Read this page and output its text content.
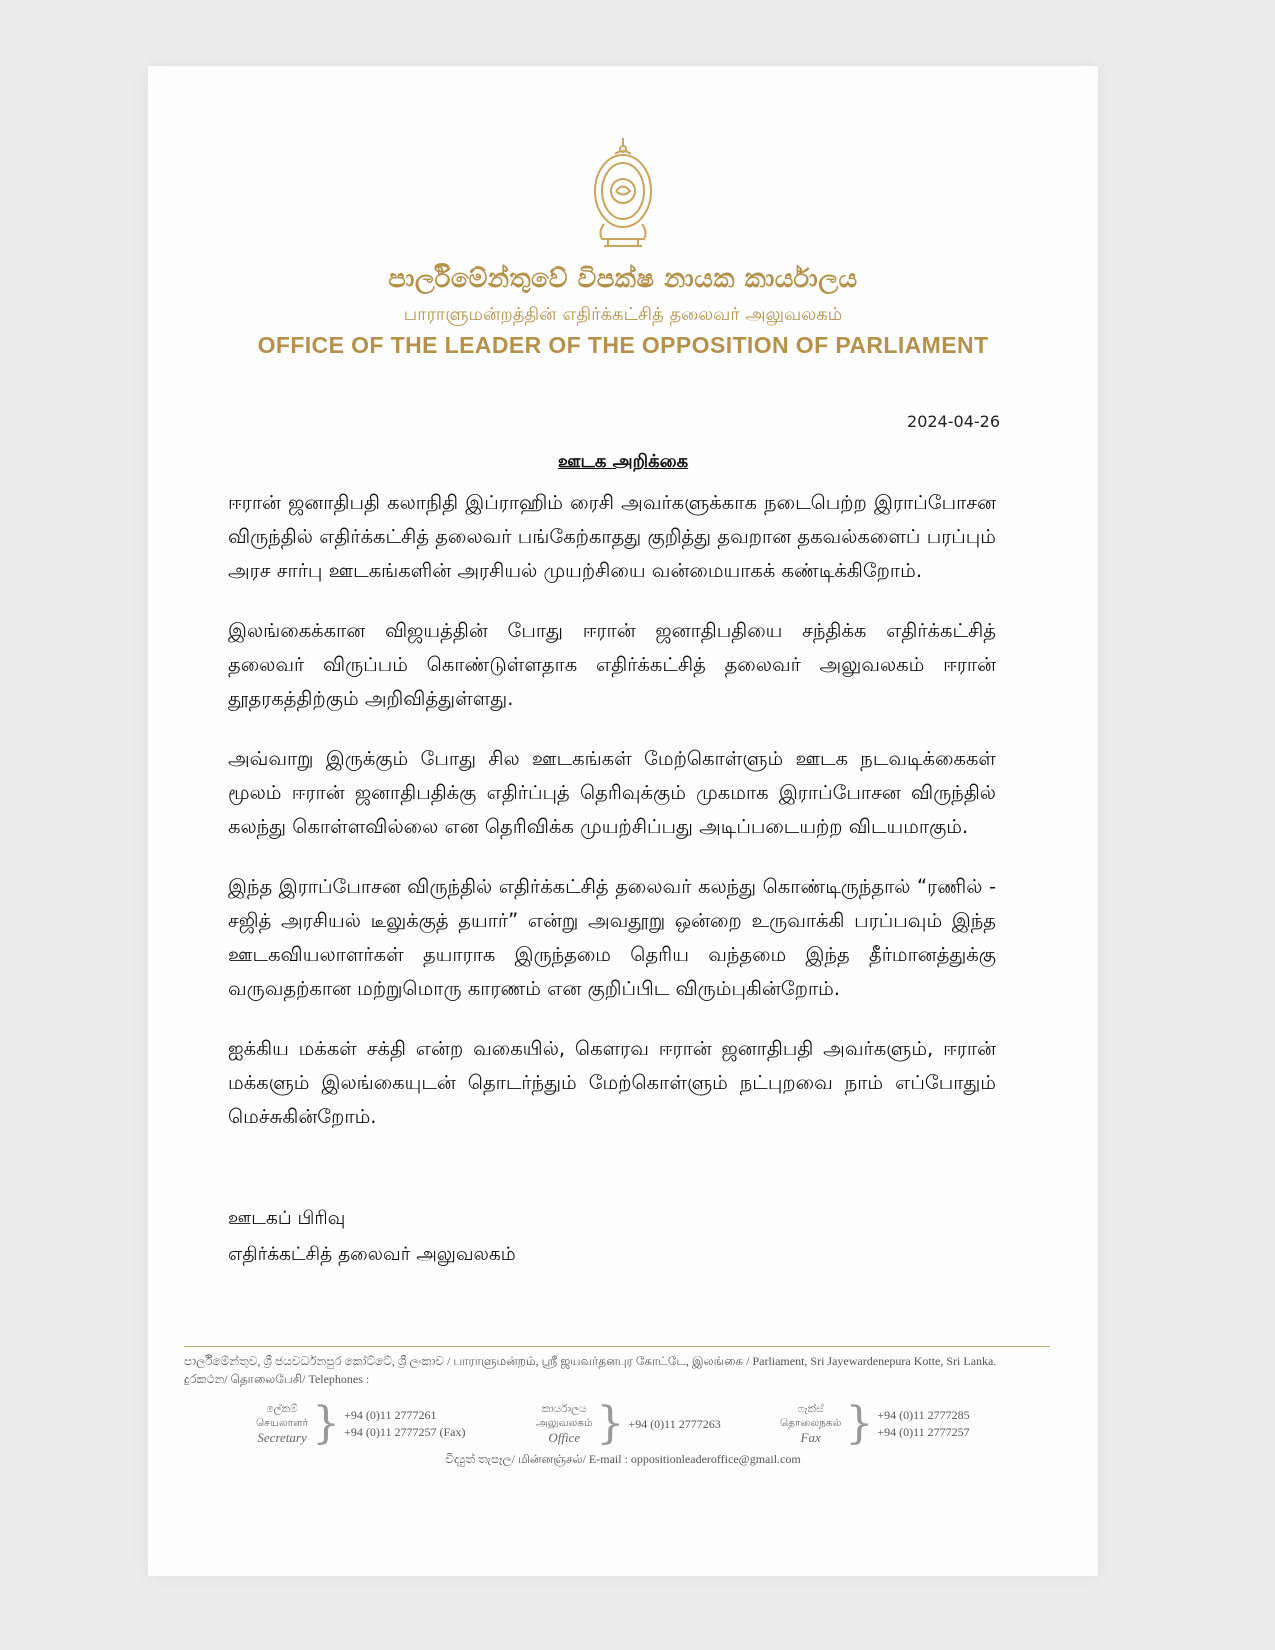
පාර්ලිමේන්තුවේ විපක්ෂ නායක කාර්යාලය
பாராளுமன்றத்தின் எதிர்க்கட்சித் தலைவர் அலுவலகம்
OFFICE OF THE LEADER OF THE OPPOSITION OF PARLIAMENT
2024-04-26
ஊடக அறிக்கை

ஈரான் ஜனாதிபதி கலாநிதி இப்ராஹிம் ரைசி அவர்களுக்காக நடைபெற்ற இராப்போசன விருந்தில் எதிர்க்கட்சித் தலைவர் பங்கேற்காதது குறித்து தவறான தகவல்களைப் பரப்பும் அரச சார்பு ஊடகங்களின் அரசியல் முயற்சியை வன்மையாகக் கண்டிக்கிறோம்.

இலங்கைக்கான விஜயத்தின் போது ஈரான் ஜனாதிபதியை சந்திக்க எதிர்க்கட்சித் தலைவர் விருப்பம் கொண்டுள்ளதாக எதிர்க்கட்சித் தலைவர் அலுவலகம் ஈரான் தூதரகத்திற்கும் அறிவித்துள்ளது.

அவ்வாறு இருக்கும் போது சில ஊடகங்கள் மேற்கொள்ளும் ஊடக நடவடிக்கைகள் மூலம் ஈரான் ஜனாதிபதிக்கு எதிர்ப்புத் தெரிவுக்கும் முகமாக இராப்போசன விருந்தில் கலந்து கொள்ளவில்லை என தெரிவிக்க முயற்சிப்பது அடிப்படையற்ற விடயமாகும்.

இந்த இராப்போசன விருந்தில் எதிர்க்கட்சித் தலைவர் கலந்து கொண்டிருந்தால் “ரணில் - சஜித் அரசியல் டீலுக்குத் தயார்” என்று அவதூறு ஒன்றை உருவாக்கி பரப்பவும் இந்த ஊடகவியலாளர்கள் தயாராக இருந்தமை தெரிய வந்தமை இந்த தீர்மானத்துக்கு வருவதற்கான மற்றுமொரு காரணம் என குறிப்பிட விரும்புகின்றோம்.

ஐக்கிய மக்கள் சக்தி என்ற வகையில், கௌரவ ஈரான் ஜனாதிபதி அவர்களும், ஈரான் மக்களும் இலங்கையுடன் தொடர்ந்தும் மேற்கொள்ளும் நட்புறவை நாம் எப்போதும் மெச்சுகின்றோம்.

ஊடகப் பிரிவு
எதிர்க்கட்சித் தலைவர் அலுவலகம்
පාර්ලිමේන්තුව, ශ්‍රී ජයවර්ධනපුර කෝට්ටේ, ශ්‍රී ලංකාව / பாராளுமன்றம், ஸ்ரீ ஜயவர்தனபுர கோட்டே, இலங்கை / Parliament, Sri Jayewardenepura Kotte, Sri Lanka.
දුරකථන/ தொலைபேசி/ Telephones :
ලේකම්
செயலாளர்
Secretary } +94 (0)11 2777261
+94 (0)11 2777257 (Fax)
කාර්යාලය
அலுவலகம்
Office } +94 (0)11 2777263
ෆැක්ස්
தொலைநகல்
Fax } +94 (0)11 2777285
+94 (0)11 2777257
විද්‍යුත් තැපෑල/ மின்னஞ்சல்/ E-mail : oppositionleaderoffice@gmail.com
